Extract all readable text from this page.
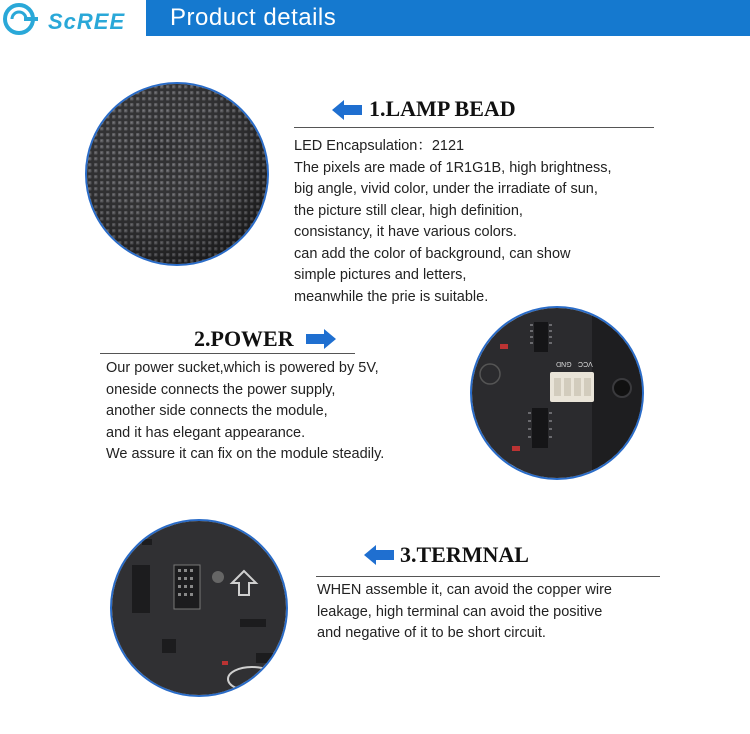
SᴄREE Product details
1.LAMP BEAD
LED Encapsulation：2121
The pixels are made of 1R1G1B, high brightness,
big angle, vivid color, under the irradiate of sun,
the picture still clear, high definition,
consistancy, it have various colors.
can add the color of background, can show
simple pictures and letters,
meanwhile the prie is suitable.
2.POWER
Our power sucket,which is powered by 5V,
oneside connects the power supply,
another side connects the module,
and it has elegant appearance.
We assure it can fix on the module steadily.
VCC
GND
3.TERMNAL
WHEN assemble it, can avoid the copper wire
leakage, high terminal can avoid the positive
and negative of it to be short circuit.
